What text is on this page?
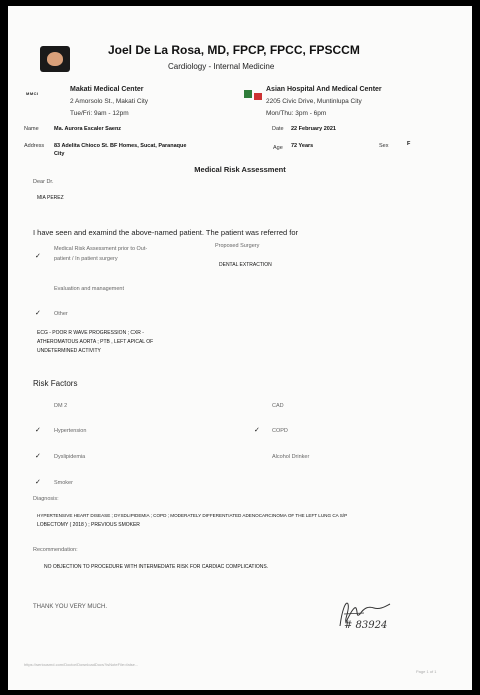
Joel De La Rosa, MD, FPCP, FPCC, FPSCCM
Cardiology - Internal Medicine
MMCI
Makati Medical Center
2 Amorsolo St., Makati City
Tue/Fri: 9am - 12pm
Asian Hospital And Medical Center
2205 Civic Drive, Muntinlupa City
Mon/Thu: 3pm - 6pm
Name	Ma. Aurora Escaler Saenz	Date 22 February 2021
Address 83 Adelita Chioco St. BF Homes, Sucat, Paranaque
City
Age 72 Years	Sex	F
Medical Risk Assessment
Dear Dr.
MIA PEREZ
I have seen and examind the above-named patient. The patient was referred for
✓
Medical Risk Assessment prior to Out-
patient / In patient surgery
Proposed Surgery
DENTAL EXTRACTION
Evaluation and management
✓ Other
ECG - POOR R WAVE PROGRESSION ; CXR -
ATHEROMATOUS AORTA ; PTB , LEFT APICAL OF
UNDETERMINED ACTIVITY
Risk Factors
DM 2	CAD
✓ Hypertension	✓ COPD
✓ Dyslipidemia	Alcohol Drinker
✓ Smoker
Diagnosis:
HYPERTENSIVE HEART DISEASE ; DYSDLIPIDEMIA ; COPD ; MODERATELY DIFFERENTIATED ADENOCARCINOMA OF THE LEFT LUNG CA S/P
LOBECTOMY ( 2018 ) ; PREVIOUS SMOKER
Recommendation:
NO OBJECTION TO PROCEDURE WITH INTERMEDIATE RISK FOR CARDIAC COMPLICATIONS.
THANK YOU VERY MUCH.
# 83924
https://seriousmd.com/Doctor/DownloadDocs?isNoteFile=false...
Page 1 of 1
